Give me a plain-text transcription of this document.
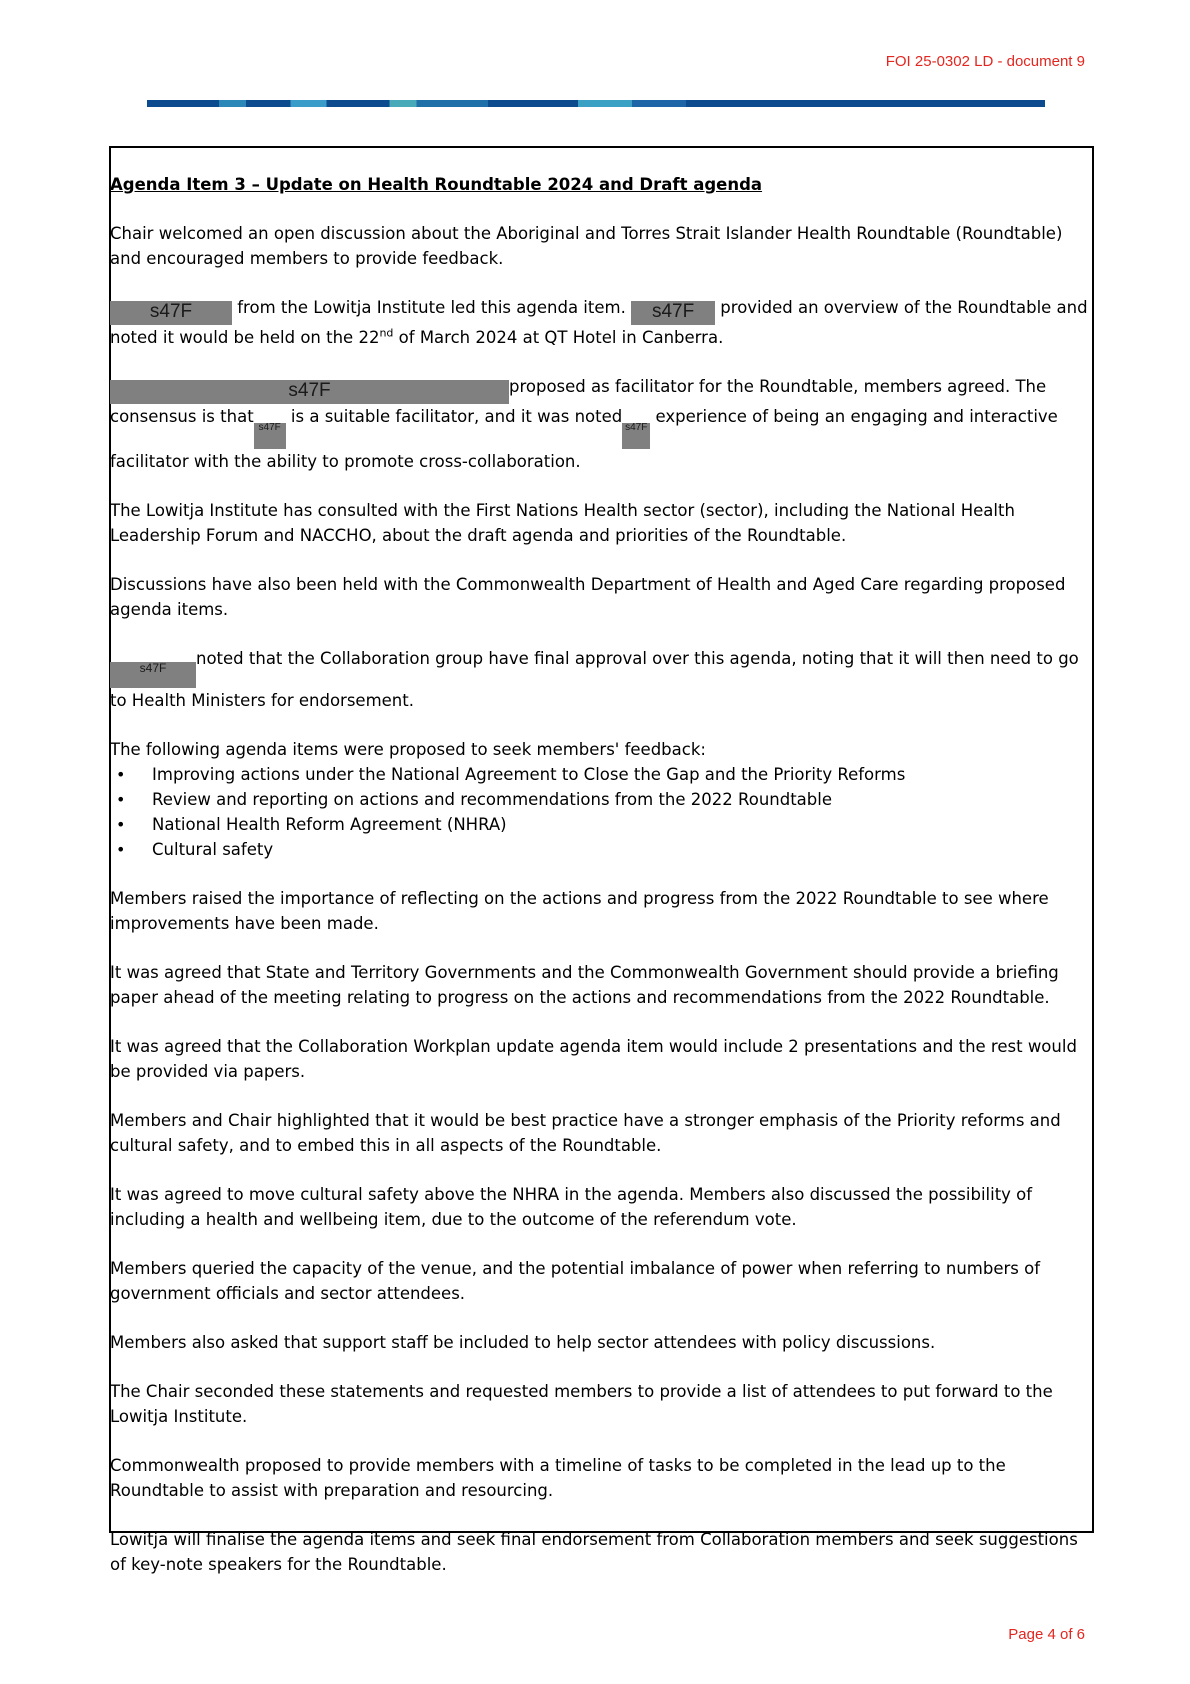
FOI 25-0302 LD - document 9

Agenda Item 3 – Update on Health Roundtable 2024 and Draft agenda

Chair welcomed an open discussion about the Aboriginal and Torres Strait Islander Health Roundtable (Roundtable) and encouraged members to provide feedback.

s47F from the Lowitja Institute led this agenda item. s47F provided an overview of the Roundtable and noted it would be held on the 22nd of March 2024 at QT Hotel in Canberra.

s47F	proposed as facilitator for the Roundtable, members agreed. The consensus is thats47F is a suitable facilitator, and it was noteds47F experience of being an engaging and interactive facilitator with the ability to promote cross-collaboration.

The Lowitja Institute has consulted with the First Nations Health sector (sector), including the National Health Leadership Forum and NACCHO, about the draft agenda and priorities of the Roundtable.

Discussions have also been held with the Commonwealth Department of Health and Aged Care regarding proposed agenda items.

s47F noted that the Collaboration group have final approval over this agenda, noting that it will then need to go to Health Ministers for endorsement.

The following agenda items were proposed to seek members' feedback:

• Improving actions under the National Agreement to Close the Gap and the Priority Reforms
• Review and reporting on actions and recommendations from the 2022 Roundtable
• National Health Reform Agreement (NHRA)
• Cultural safety

Members raised the importance of reflecting on the actions and progress from the 2022 Roundtable to see where improvements have been made.

It was agreed that State and Territory Governments and the Commonwealth Government should provide a briefing paper ahead of the meeting relating to progress on the actions and recommendations from the 2022 Roundtable.

It was agreed that the Collaboration Workplan update agenda item would include 2 presentations and the rest would be provided via papers.

Members and Chair highlighted that it would be best practice have a stronger emphasis of the Priority reforms and cultural safety, and to embed this in all aspects of the Roundtable.

It was agreed to move cultural safety above the NHRA in the agenda. Members also discussed the possibility of including a health and wellbeing item, due to the outcome of the referendum vote.

Members queried the capacity of the venue, and the potential imbalance of power when referring to numbers of government officials and sector attendees.

Members also asked that support staff be included to help sector attendees with policy discussions.

The Chair seconded these statements and requested members to provide a list of attendees to put forward to the Lowitja Institute.

Commonwealth proposed to provide members with a timeline of tasks to be completed in the lead up to the Roundtable to assist with preparation and resourcing.

Lowitja will finalise the agenda items and seek final endorsement from Collaboration members and seek suggestions of key-note speakers for the Roundtable.

Page 4 of 6
